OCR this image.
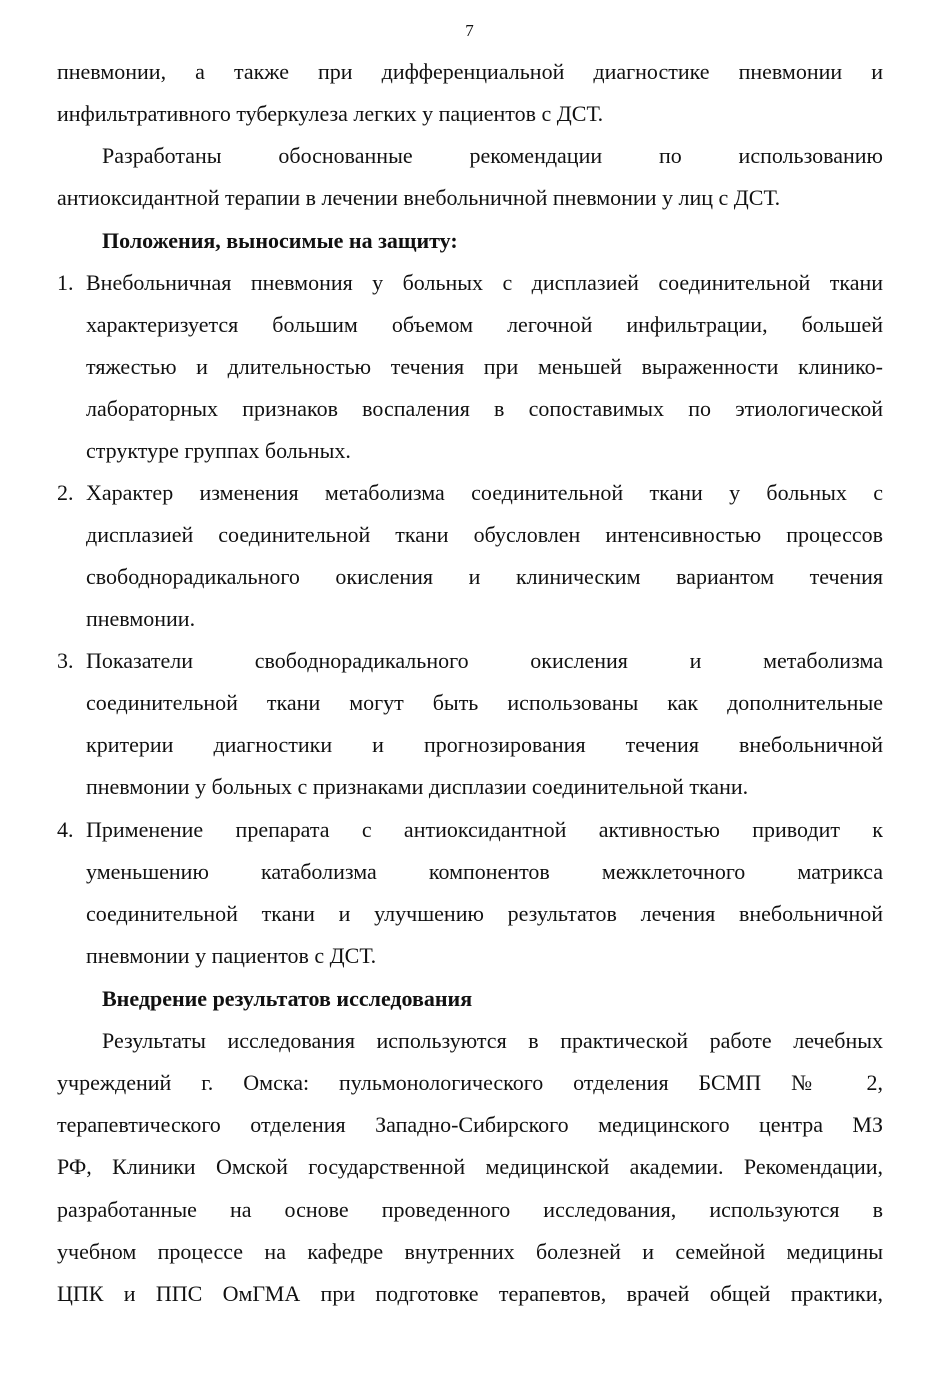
7
пневмонии, а также при дифференциальной диагностике пневмонии и
инфильтративного туберкулеза легких у пациентов с ДСТ.
Разработаны обоснованные рекомендации по использованию
антиоксидантной терапии в лечении внебольничной пневмонии у лиц с ДСТ.
Положения, выносимые на защиту:
1. Внебольничная пневмония у больных с дисплазией соединительной ткани
характеризуется большим объемом легочной инфильтрации, большей
тяжестью и длительностью течения при меньшей выраженности клинико-
лабораторных признаков воспаления в сопоставимых по этиологической
структуре группах больных.
2. Характер изменения метаболизма соединительной ткани у больных с
дисплазией соединительной ткани обусловлен интенсивностью процессов
свободнорадикального окисления и клиническим вариантом течения
пневмонии.
3. Показатели свободнорадикального окисления и метаболизма
соединительной ткани могут быть использованы как дополнительные
критерии диагностики и прогнозирования течения внебольничной
пневмонии у больных с признаками дисплазии соединительной ткани.
4. Применение препарата с антиоксидантной активностью приводит к
уменьшению катаболизма компонентов межклеточного матрикса
соединительной ткани и улучшению результатов лечения внебольничной
пневмонии у пациентов с ДСТ.
Внедрение результатов исследования
Результаты исследования используются в практической работе лечебных
учреждений г. Омска: пульмонологического отделения БСМП № 2,
терапевтического отделения Западно-Сибирского медицинского центра МЗ
РФ, Клиники Омской государственной медицинской академии. Рекомендации,
разработанные на основе проведенного исследования, используются в
учебном процессе на кафедре внутренних болезней и семейной медицины
ЦПК и ППС ОмГМА при подготовке терапевтов, врачей общей практики,
